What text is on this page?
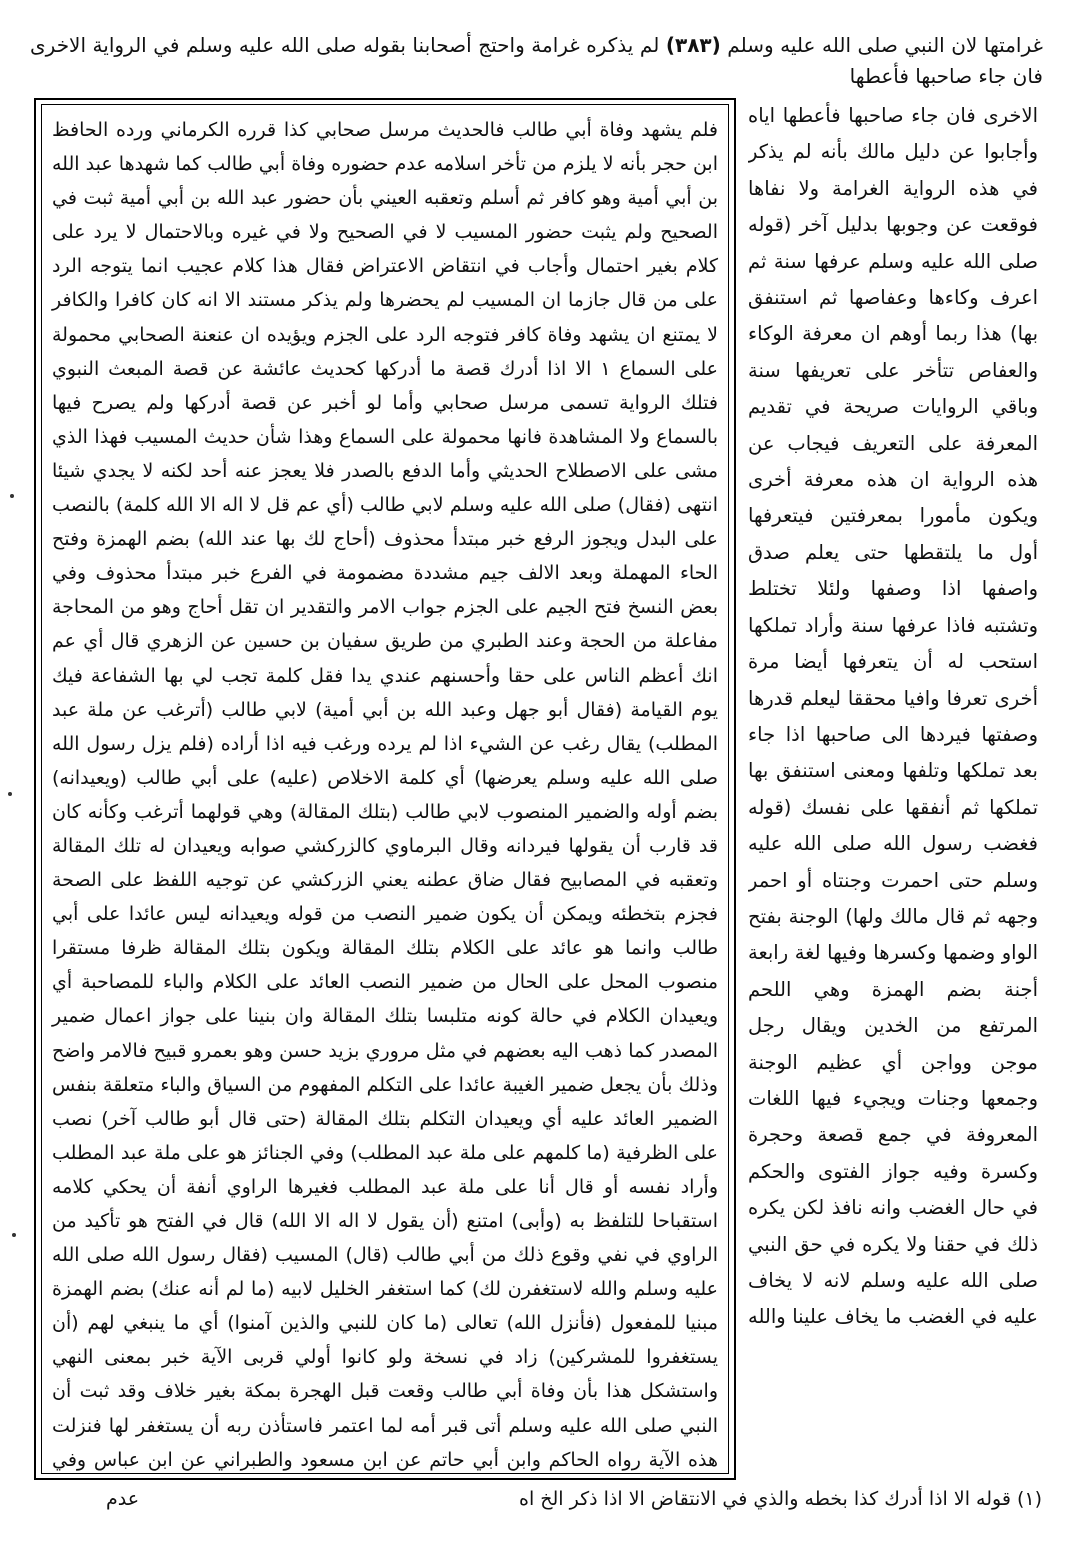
غرامتها لان النبي صلى الله عليه وسلم (٣٨٣) لم يذكره غرامة واحتج أصحابنا بقوله صلى الله عليه وسلم في الرواية الاخرى فان جاء صاحبها فأعطها
فلم يشهد وفاة أبي طالب فالحديث مرسل صحابي كذا قرره الكرماني ورده الحافظ ابن حجر بأنه لا يلزم من تأخر اسلامه عدم حضوره وفاة أبي طالب كما شهدها عبد الله بن أبي أمية وهو كافر ثم أسلم وتعقبه العيني بأن حضور عبد الله بن أبي أمية ثبت في الصحيح ولم يثبت حضور المسيب لا في الصحيح ولا في غيره وبالاحتمال لا يرد على كلام بغير احتمال وأجاب في انتقاض الاعتراض فقال هذا كلام عجيب انما يتوجه الرد على من قال جازما ان المسيب لم يحضرها ولم يذكر مستند الا انه كان كافرا والكافر لا يمتنع ان يشهد وفاة كافر فتوجه الرد على الجزم ويؤيده ان عنعنة الصحابي محمولة على السماع ١ الا اذا أدرك قصة ما أدركها كحديث عائشة عن قصة المبعث النبوي فتلك الرواية تسمى مرسل صحابي وأما لو أخبر عن قصة أدركها ولم يصرح فيها بالسماع ولا المشاهدة فانها محمولة على السماع وهذا شأن حديث المسيب فهذا الذي مشى على الاصطلاح الحديثي وأما الدفع بالصدر فلا يعجز عنه أحد لكنه لا يجدي شيئا انتهى (فقال) صلى الله عليه وسلم لابي طالب (أي عم قل لا اله الا الله كلمة) بالنصب على البدل ويجوز الرفع خبر مبتدأ محذوف (أحاج لك بها عند الله) بضم الهمزة وفتح الحاء المهملة وبعد الالف جيم مشددة مضمومة في الفرع خبر مبتدأ محذوف وفي بعض النسخ فتح الجيم على الجزم جواب الامر والتقدير ان تقل أحاج وهو من المحاجة مفاعلة من الحجة وعند الطبري من طريق سفيان بن حسين عن الزهري قال أي عم انك أعظم الناس على حقا وأحسنهم عندي يدا فقل كلمة تجب لي بها الشفاعة فيك يوم القيامة (فقال أبو جهل وعبد الله بن أبي أمية) لابي طالب (أترغب عن ملة عبد المطلب) يقال رغب عن الشيء اذا لم يرده ورغب فيه اذا أراده (فلم يزل رسول الله صلى الله عليه وسلم يعرضها) أي كلمة الاخلاص (عليه) على أبي طالب (ويعيدانه) بضم أوله والضمير المنصوب لابي طالب (بتلك المقالة) وهي قولهما أترغب وكأنه كان قد قارب أن يقولها فيردانه وقال البرماوي كالزركشي صوابه ويعيدان له تلك المقالة وتعقبه في المصابيح فقال ضاق عطنه يعني الزركشي عن توجيه اللفظ على الصحة فجزم بتخطئه ويمكن أن يكون ضمير النصب من قوله ويعيدانه ليس عائدا على أبي طالب وانما هو عائد على الكلام بتلك المقالة ويكون بتلك المقالة ظرفا مستقرا منصوب المحل على الحال من ضمير النصب العائد على الكلام والباء للمصاحبة أي ويعيدان الكلام في حالة كونه متلبسا بتلك المقالة وان بنينا على جواز اعمال ضمير المصدر كما ذهب اليه بعضهم في مثل مروري بزيد حسن وهو بعمرو قبيح فالامر واضح وذلك بأن يجعل ضمير الغيبة عائدا على التكلم المفهوم من السياق والباء متعلقة بنفس الضمير العائد عليه أي ويعيدان التكلم بتلك المقالة (حتى قال أبو طالب آخر) نصب على الظرفية (ما كلمهم على ملة عبد المطلب) وفي الجنائز هو على ملة عبد المطلب وأراد نفسه أو قال أنا على ملة عبد المطلب فغيرها الراوي أنفة أن يحكي كلامه استقباحا للتلفظ به (وأبى) امتنع (أن يقول لا اله الا الله) قال في الفتح هو تأكيد من الراوي في نفي وقوع ذلك من أبي طالب (قال) المسيب (فقال رسول الله صلى الله عليه وسلم والله لاستغفرن لك) كما استغفر الخليل لابيه (ما لم أنه عنك) بضم الهمزة مبنيا للمفعول (فأنزل الله) تعالى (ما كان للنبي والذين آمنوا) أي ما ينبغي لهم (أن يستغفروا للمشركين) زاد في نسخة ولو كانوا أولي قربى الآية خبر بمعنى النهي واستشكل هذا بأن وفاة أبي طالب وقعت قبل الهجرة بمكة بغير خلاف وقد ثبت أن النبي صلى الله عليه وسلم أتى قبر أمه لما اعتمر فاستأذن ربه أن يستغفر لها فنزلت هذه الآية رواه الحاكم وابن أبي حاتم عن ابن مسعود والطبراني عن ابن عباس وفي
الاخرى فان جاء صاحبها فأعطها اياه وأجابوا عن دليل مالك بأنه لم يذكر في هذه الرواية الغرامة ولا نفاها فوقعت عن وجوبها بدليل آخر (قوله صلى الله عليه وسلم عرفها سنة ثم اعرف وكاءها وعفاصها ثم استنفق بها) هذا ربما أوهم ان معرفة الوكاء والعفاص تتأخر على تعريفها سنة وباقي الروايات صريحة في تقديم المعرفة على التعريف فيجاب عن هذه الرواية ان هذه معرفة أخرى ويكون مأمورا بمعرفتين فيتعرفها أول ما يلتقطها حتى يعلم صدق واصفها اذا وصفها ولئلا تختلط وتشتبه فاذا عرفها سنة وأراد تملكها استحب له أن يتعرفها أيضا مرة أخرى تعرفا وافيا محققا ليعلم قدرها وصفتها فيردها الى صاحبها اذا جاء بعد تملكها وتلفها ومعنى استنفق بها تملكها ثم أنفقها على نفسك (قوله فغضب رسول الله صلى الله عليه وسلم حتى احمرت وجنتاه أو احمر وجهه ثم قال مالك ولها) الوجنة بفتح الواو وضمها وكسرها وفيها لغة رابعة أجنة بضم الهمزة وهي اللحم المرتفع من الخدين ويقال رجل موجن وواجن أي عظيم الوجنة وجمعها وجنات ويجيء فيها اللغات المعروفة في جمع قصعة وحجرة وكسرة وفيه جواز الفتوى والحكم في حال الغضب وانه نافذ لكن يكره ذلك في حقنا ولا يكره في حق النبي صلى الله عليه وسلم لانه لا يخاف عليه في الغضب ما يخاف علينا والله
(١) قوله الا اذا أدرك كذا بخطه والذي في الانتقاض الا اذا ذكر الخ اه
عدم
